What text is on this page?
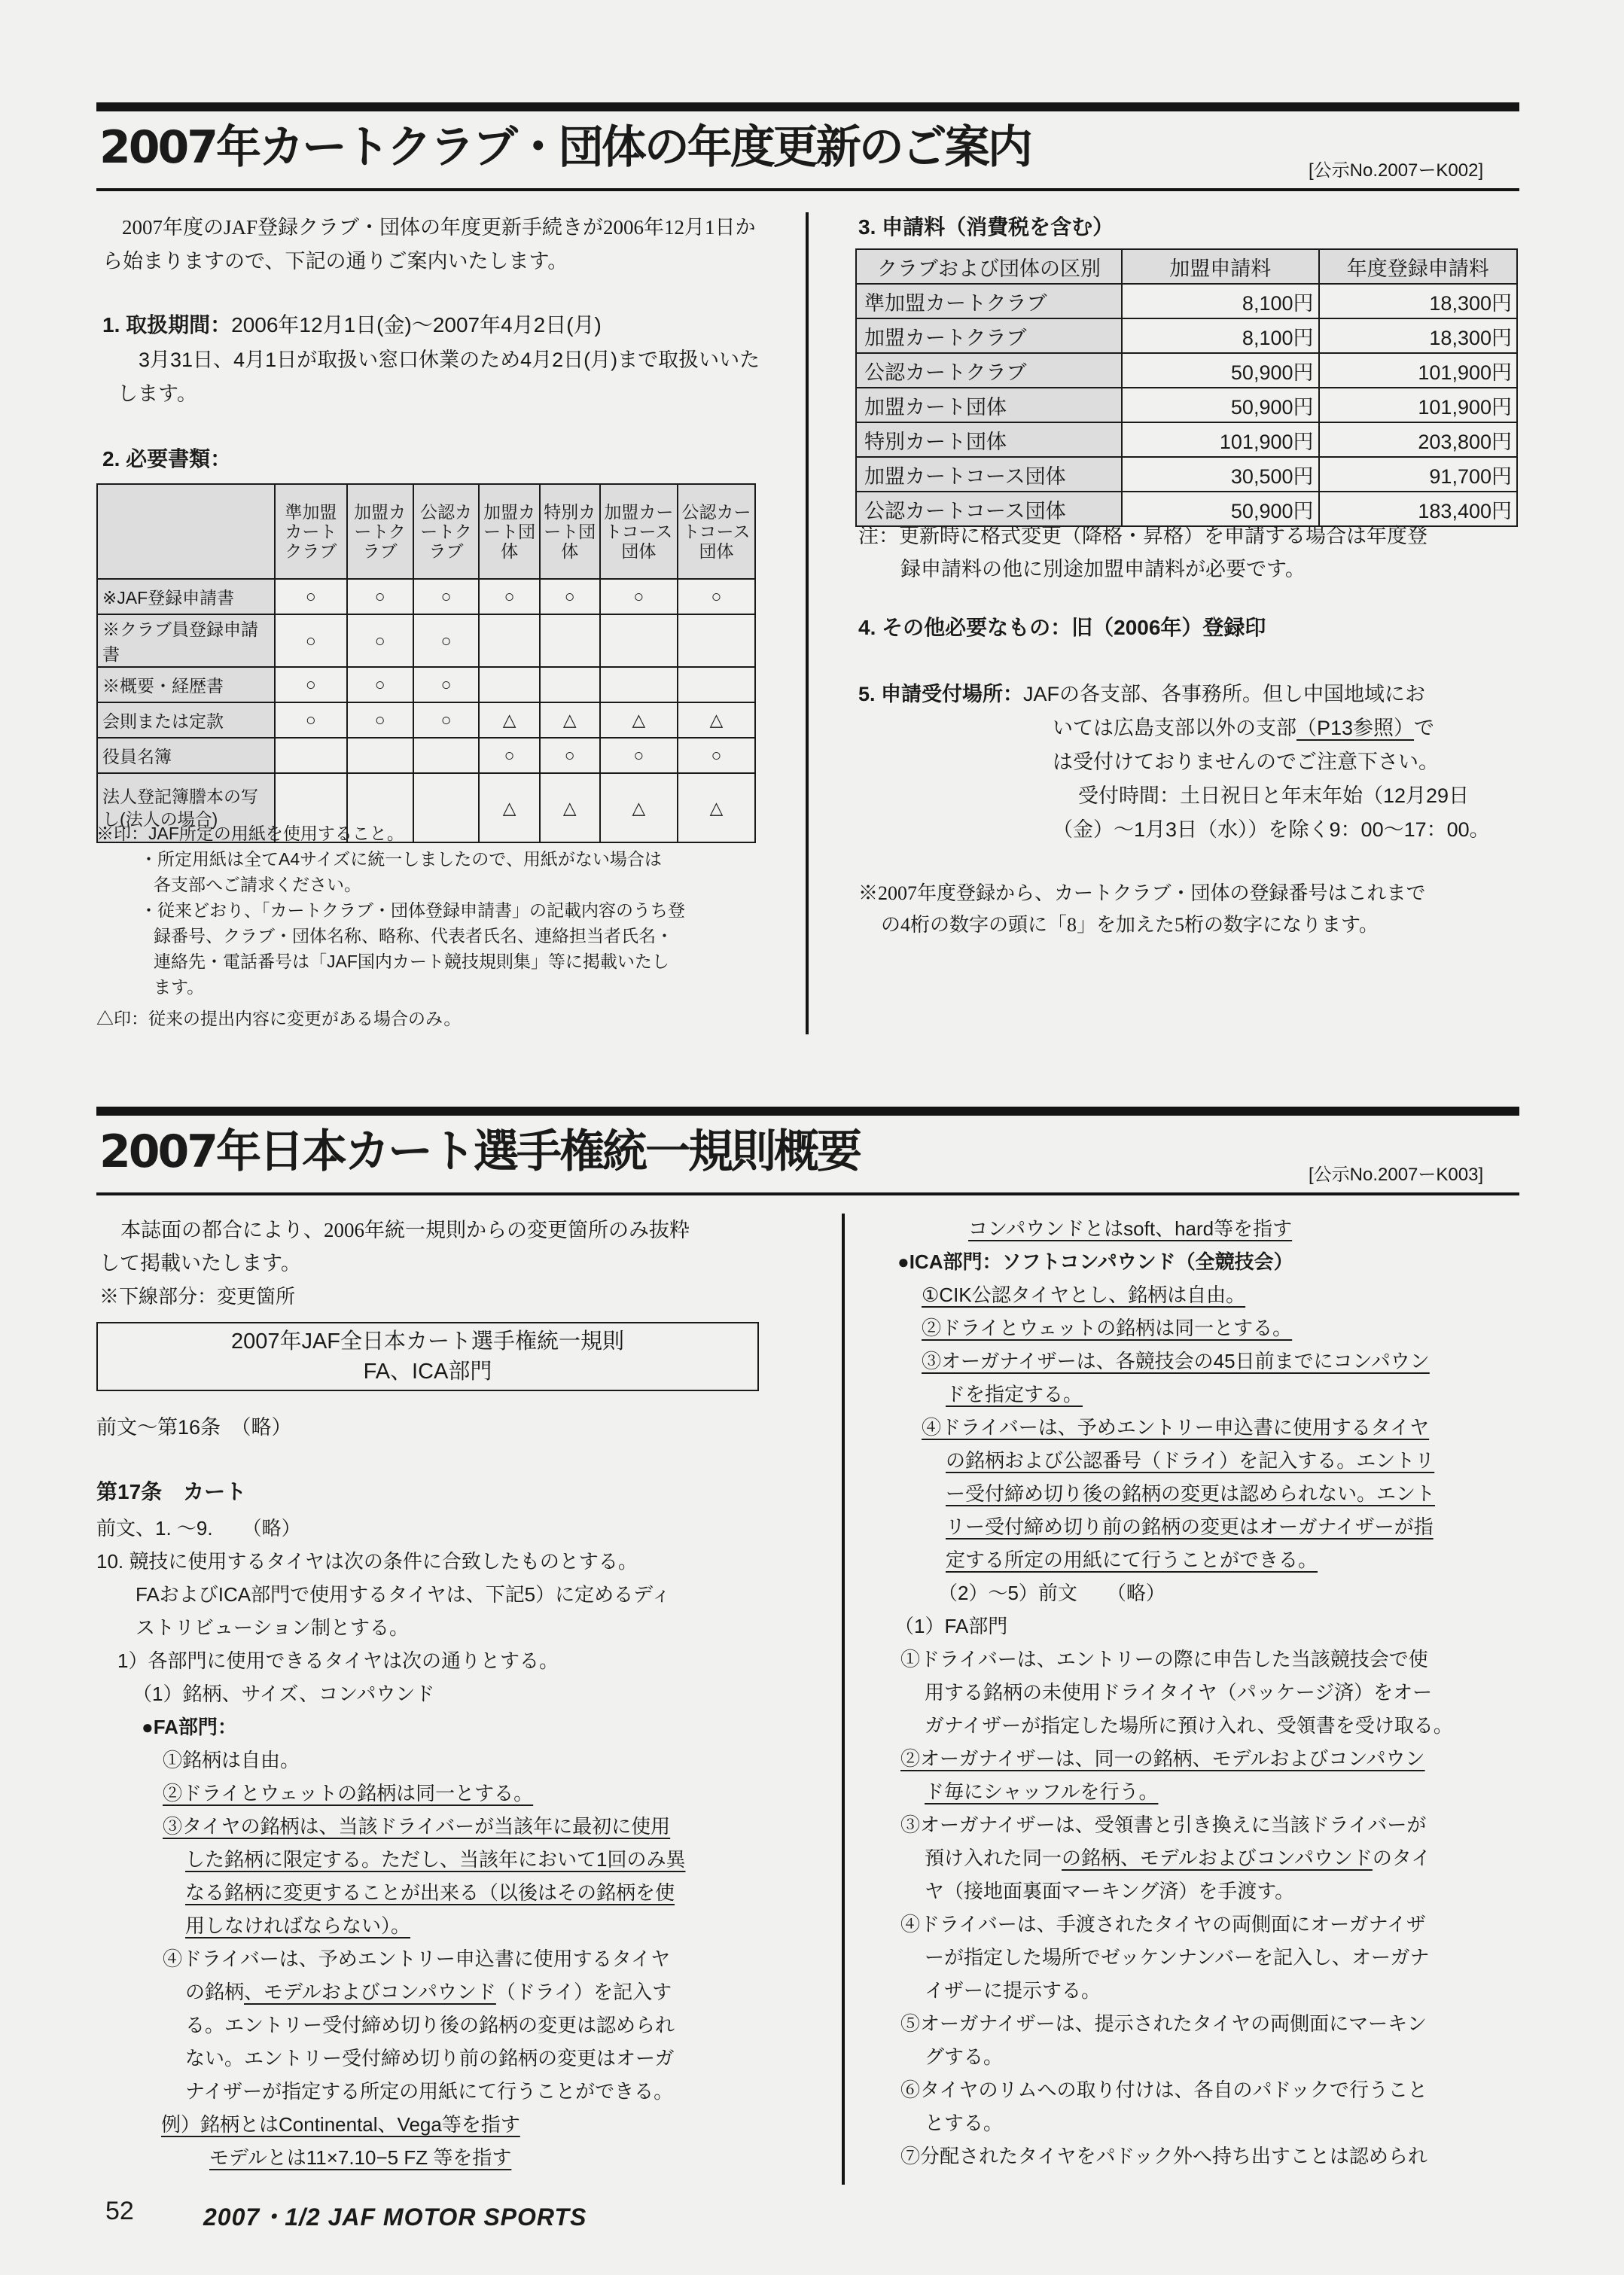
2007年カートクラブ・団体の年度更新のご案内	[公示No.2007ーK002]
2007年度のJAF登録クラブ・団体の年度更新手続きが2006年12月1日から始まりますので、下記の通りご案内いたします。
1. 取扱期間：2006年12月1日(金)〜2007年4月2日(月)
3月31日、4月1日が取扱い窓口休業のため4月2日(月)まで取扱いいたします。
2. 必要書類：
	準加盟カートクラブ	加盟カートクラブ	公認カートクラブ	加盟カート団体	特別カート団体	加盟カートコース団体	公認カートコース団体
※JAF登録申請書	○	○	○	○	○	○	○
※クラブ員登録申請書	○	○	○				
※概要・経歴書	○	○	○				
会則または定款	○	○	○	△	△	△	△
役員名簿				○	○	○	○
法人登記簿謄本の写し(法人の場合)				△	△	△	△
※印：JAF所定の用紙を使用すること。
・所定用紙は全てA4サイズに統一しましたので、用紙がない場合は
各支部へご請求ください。
・従来どおり、「カートクラブ・団体登録申請書」の記載内容のうち登
録番号、クラブ・団体名称、略称、代表者氏名、連絡担当者氏名・
連絡先・電話番号は「JAF国内カート競技規則集」等に掲載いたし
ます。
△印：従来の提出内容に変更がある場合のみ。
3. 申請料（消費税を含む）
クラブおよび団体の区別	加盟申請料	年度登録申請料
準加盟カートクラブ	8,100円	18,300円
加盟カートクラブ	8,100円	18,300円
公認カートクラブ	50,900円	101,900円
加盟カート団体	50,900円	101,900円
特別カート団体	101,900円	203,800円
加盟カートコース団体	30,500円	91,700円
公認カートコース団体	50,900円	183,400円
注：更新時に格式変更（降格・昇格）を申請する場合は年度登
録申請料の他に別途加盟申請料が必要です。
4. その他必要なもの：旧（2006年）登録印
5. 申請受付場所：JAFの各支部、各事務所。但し中国地域にお
いては広島支部以外の支部（P13参照）で
は受付けておりませんのでご注意下さい。
受付時間：土日祝日と年末年始（12月29日
（金）〜1月3日（水））を除く9：00〜17：00。
※2007年度登録から、カートクラブ・団体の登録番号はこれまで
の4桁の数字の頭に「8」を加えた5桁の数字になります。
2007年日本カート選手権統一規則概要	[公示No.2007ーK003]
本誌面の都合により、2006年統一規則からの変更箇所のみ抜粋
して掲載いたします。
※下線部分：変更箇所
2007年JAF全日本カート選手権統一規則
FA、ICA部門
前文〜第16条　（略）
第17条　カート
前文、1. 〜9.　　（略）
10. 競技に使用するタイヤは次の条件に合致したものとする。
FAおよびICA部門で使用するタイヤは、下記5）に定めるディ
ストリビューション制とする。
1）各部門に使用できるタイヤは次の通りとする。
（1）銘柄、サイズ、コンパウンド
●FA部門：
①銘柄は自由。
②ドライとウェットの銘柄は同一とする。
③タイヤの銘柄は、当該ドライバーが当該年に最初に使用
した銘柄に限定する。ただし、当該年において1回のみ異
なる銘柄に変更することが出来る（以後はその銘柄を使
用しなければならない）。
④ドライバーは、予めエントリー申込書に使用するタイヤ
の銘柄、モデルおよびコンパウンド（ドライ）を記入す
る。エントリー受付締め切り後の銘柄の変更は認められ
ない。エントリー受付締め切り前の銘柄の変更はオーガ
ナイザーが指定する所定の用紙にて行うことができる。
例）銘柄とはContinental、Vega等を指す
モデルとは11×7.10−5 FZ 等を指す
コンパウンドとはsoft、hard等を指す
●ICA部門：ソフトコンパウンド（全競技会）
①CIK公認タイヤとし、銘柄は自由。
②ドライとウェットの銘柄は同一とする。
③オーガナイザーは、各競技会の45日前までにコンパウン
ドを指定する。
④ドライバーは、予めエントリー申込書に使用するタイヤ
の銘柄および公認番号（ドライ）を記入する。エントリ
ー受付締め切り後の銘柄の変更は認められない。エント
リー受付締め切り前の銘柄の変更はオーガナイザーが指
定する所定の用紙にて行うことができる。
（2）〜5）前文　　（略）
（1）FA部門
①ドライバーは、エントリーの際に申告した当該競技会で使
用する銘柄の未使用ドライタイヤ（パッケージ済）をオー
ガナイザーが指定した場所に預け入れ、受領書を受け取る。
②オーガナイザーは、同一の銘柄、モデルおよびコンパウン
ド毎にシャッフルを行う。
③オーガナイザーは、受領書と引き換えに当該ドライバーが
預け入れた同一の銘柄、モデルおよびコンパウンドのタイ
ヤ（接地面裏面マーキング済）を手渡す。
④ドライバーは、手渡されたタイヤの両側面にオーガナイザ
ーが指定した場所でゼッケンナンバーを記入し、オーガナ
イザーに提示する。
⑤オーガナイザーは、提示されたタイヤの両側面にマーキン
グする。
⑥タイヤのリムへの取り付けは、各自のパドックで行うこと
とする。
⑦分配されたタイヤをパドック外へ持ち出すことは認められ
52	2007・1/2 JAF MOTOR SPORTS
